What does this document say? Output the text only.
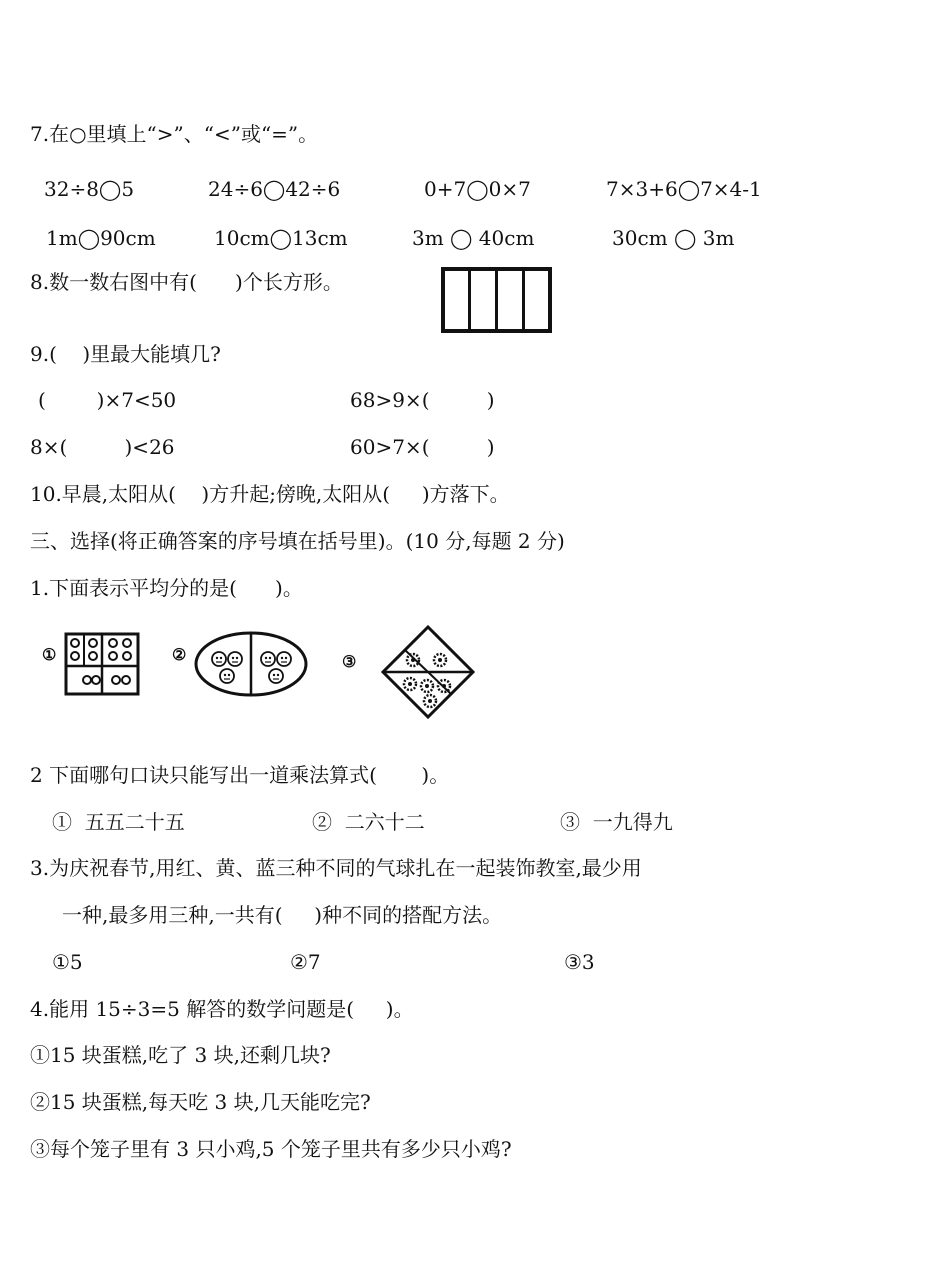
7.在○里填上“>”、“<”或“=”。
32÷8◯5	24÷6◯42÷6	0+7◯0×7	7×3+6◯7×4-1
1m◯90cm	10cm◯13cm	3m ◯ 40cm	30cm ◯ 3m
8.数一数右图中有(      )个长方形。
9.(    )里最大能填几?
(        )×7<50	68>9×(         )
8×(         )<26	60>7×(         )
10.早晨,太阳从(    )方升起;傍晚,太阳从(     )方落下。
三、选择(将正确答案的序号填在括号里)。(10 分,每题 2 分)
1.下面表示平均分的是(      )。
①	②	③
2 下面哪句口诀只能写出一道乘法算式(       )。
①  五五二十五	②  二六十二	③  一九得九
3.为庆祝春节,用红、黄、蓝三种不同的气球扎在一起装饰教室,最少用
一种,最多用三种,一共有(     )种不同的搭配方法。
①5	②7	③3
4.能用 15÷3=5 解答的数学问题是(     )。
①15 块蛋糕,吃了 3 块,还剩几块?
②15 块蛋糕,每天吃 3 块,几天能吃完?
③每个笼子里有 3 只小鸡,5 个笼子里共有多少只小鸡?
